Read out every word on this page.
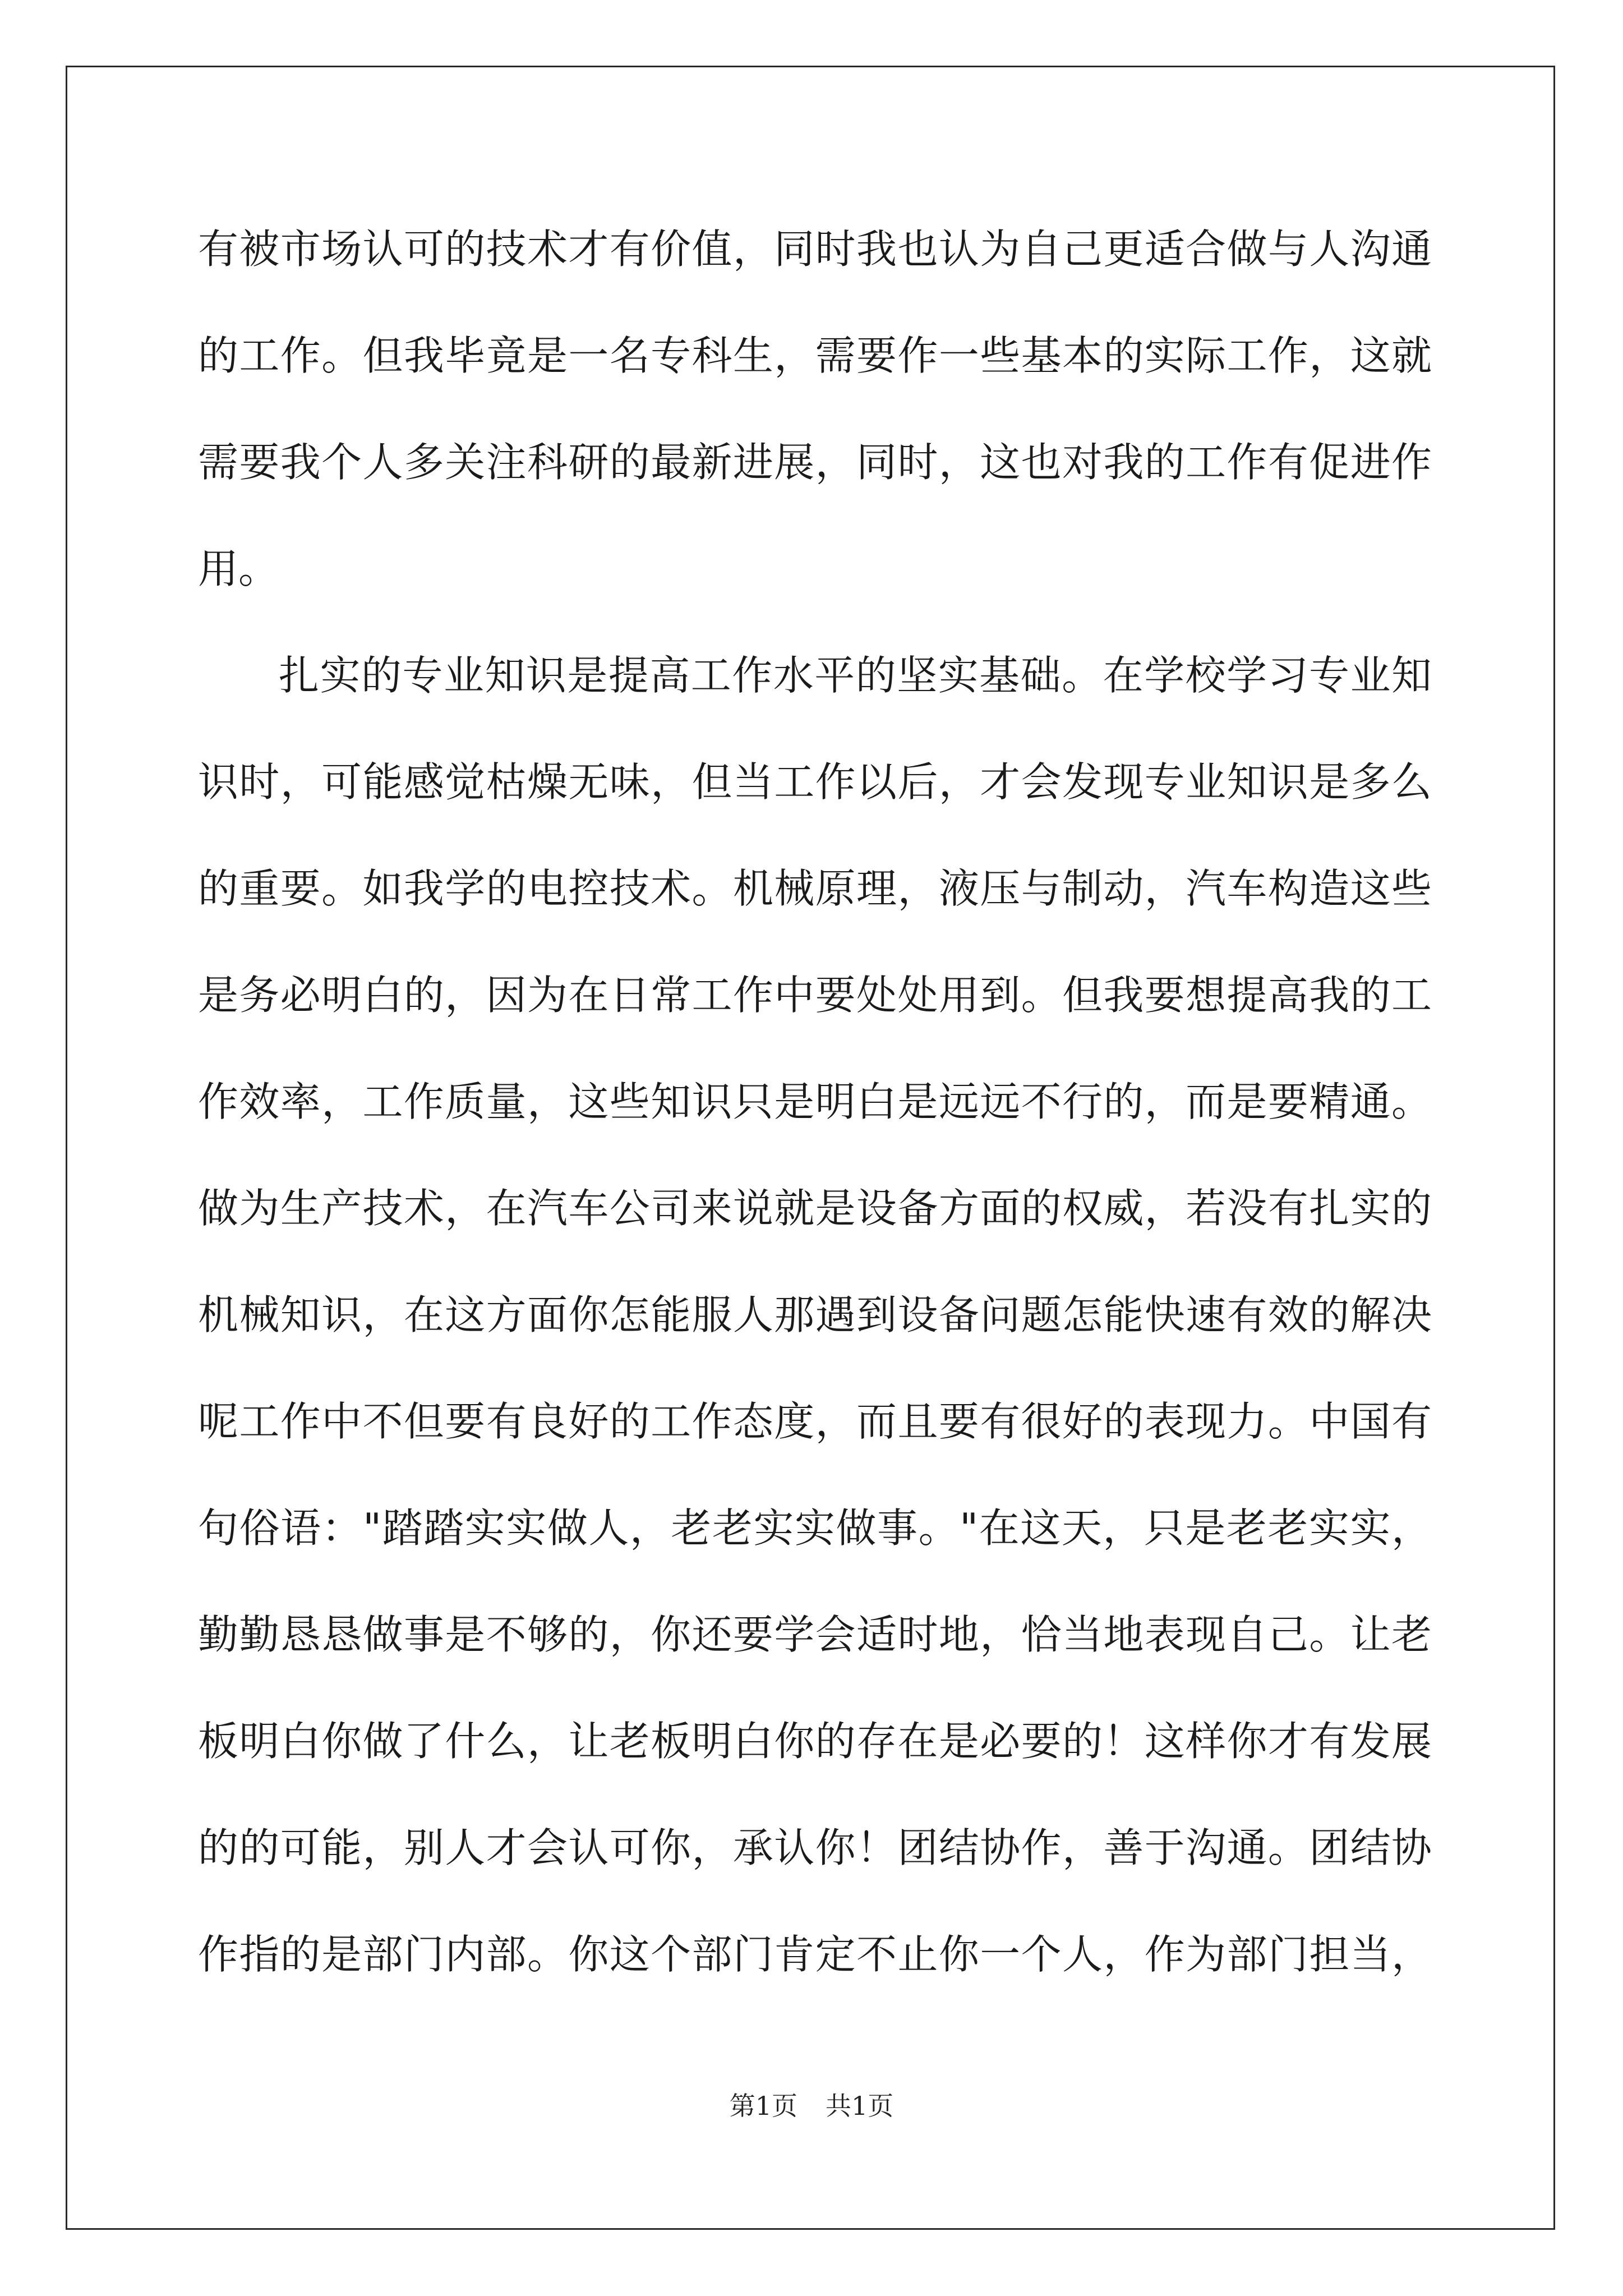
有被市场认可的技术才有价值，同时我也认为自己更适合做与人沟通
的工作。但我毕竟是一名专科生，需要作一些基本的实际工作，这就
需要我个人多关注科研的最新进展，同时，这也对我的工作有促进作
用。
扎实的专业知识是提高工作水平的坚实基础。在学校学习专业知
识时，可能感觉枯燥无味，但当工作以后，才会发现专业知识是多么
的重要。如我学的电控技术。机械原理，液压与制动，汽车构造这些
是务必明白的，因为在日常工作中要处处用到。但我要想提高我的工
作效率，工作质量，这些知识只是明白是远远不行的，而是要精通。
做为生产技术，在汽车公司来说就是设备方面的权威，若没有扎实的
机械知识，在这方面你怎能服人那遇到设备问题怎能快速有效的解决
呢工作中不但要有良好的工作态度，而且要有很好的表现力。中国有
句俗语："踏踏实实做人，老老实实做事。"在这天，只是老老实实，
勤勤恳恳做事是不够的，你还要学会适时地，恰当地表现自己。让老
板明白你做了什么，让老板明白你的存在是必要的！这样你才有发展
的的可能，别人才会认可你，承认你！团结协作，善于沟通。团结协
作指的是部门内部。你这个部门肯定不止你一个人，作为部门担当，
第1页 共1页
